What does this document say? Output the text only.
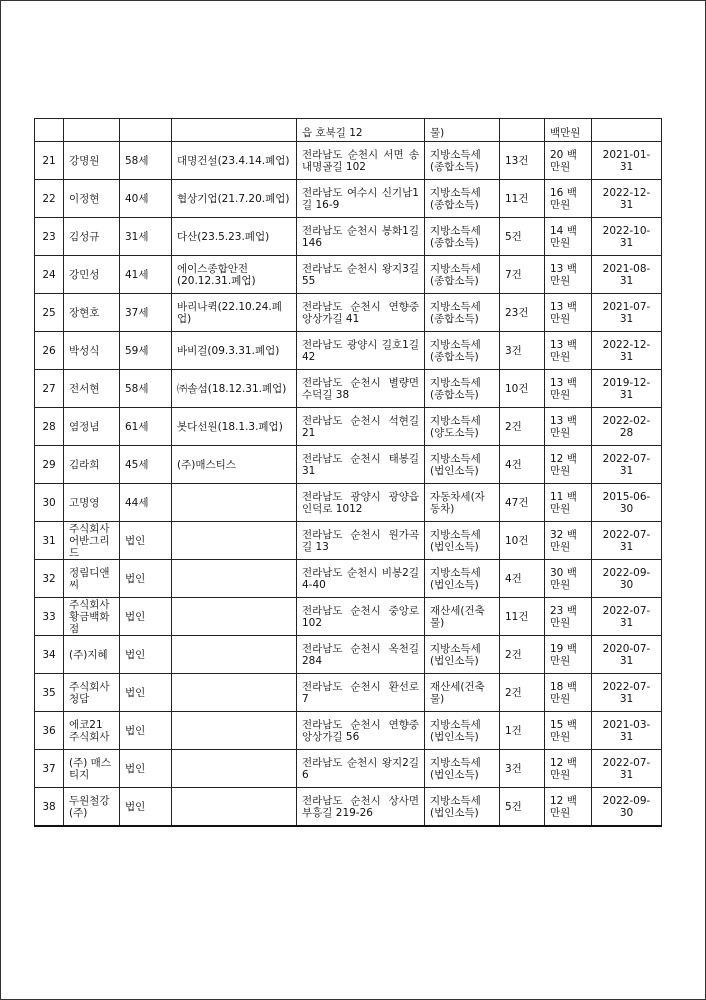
				읍 호북길 12	물)		백만원	
21	강명원	58세	대명건설(23.4.14.폐업)	전라남도 순천시 서면 송내명골길 102	지방소득세(종합소득)	13건	20 백만원	2021-01-31
22	이정현	40세	협상기업(21.7.20.폐업)	전라남도 여수시 신기남1길 16-9	지방소득세(종합소득)	11건	16 백만원	2022-12-31
23	김성규	31세	다산(23.5.23.폐업)	전라남도 순천시 봉화1길 146	지방소득세(종합소득)	5건	14 백만원	2022-10-31
24	강민성	41세	에이스종합안전(20.12.31.폐업)	전라남도 순천시 왕지3길 55	지방소득세(종합소득)	7건	13 백만원	2021-08-31
25	장현호	37세	바리나퀵(22.10.24.폐업)	전라남도 순천시 연향중앙상가길 41	지방소득세(종합소득)	23건	13 백만원	2021-07-31
26	박성식	59세	바비걸(09.3.31.폐업)	전라남도 광양시 길호1길 42	지방소득세(종합소득)	3건	13 백만원	2022-12-31
27	전서현	58세	㈜솔섬(18.12.31.폐업)	전라남도 순천시 별량면 수덕길 38	지방소득세(종합소득)	10건	13 백만원	2019-12-31
28	염정념	61세	봇다선원(18.1.3.폐업)	전라남도 순천시 석현길 21	지방소득세(양도소득)	2건	13 백만원	2022-02-28
29	김라희	45세	(주)매스티스	전라남도 순천시 태봉길 31	지방소득세(법인소득)	4건	12 백만원	2022-07-31
30	고명영	44세		전라남도 광양시 광양읍 인덕로 1012	자동차세(자동차)	47건	11 백만원	2015-06-30
31	주식회사 어반그리드	법인		전라남도 순천시 원가곡길 13	지방소득세(법인소득)	10건	32 백만원	2022-07-31
32	정림디앤씨	법인		전라남도 순천시 비봉2길 4-40	지방소득세(법인소득)	4건	30 백만원	2022-09-30
33	주식회사 황금백화점	법인		전라남도 순천시 중앙로 102	재산세(건축물)	11건	23 백만원	2022-07-31
34	(주)지혜	법인		전라남도 순천시 옥천길 284	지방소득세(법인소득)	2건	19 백만원	2020-07-31
35	주식회사 청담	법인		전라남도 순천시 환선로 7	재산세(건축물)	2건	18 백만원	2022-07-31
36	에코21 주식회사	법인		전라남도 순천시 연향중앙상가길 56	지방소득세(법인소득)	1건	15 백만원	2021-03-31
37	(주) 매스티지	법인		전라남도 순천시 왕지2길 6	지방소득세(법인소득)	3건	12 백만원	2022-07-31
38	두원철강(주)	법인		전라남도 순천시 상사면 부흥길 219-26	지방소득세(법인소득)	5건	12 백만원	2022-09-30
